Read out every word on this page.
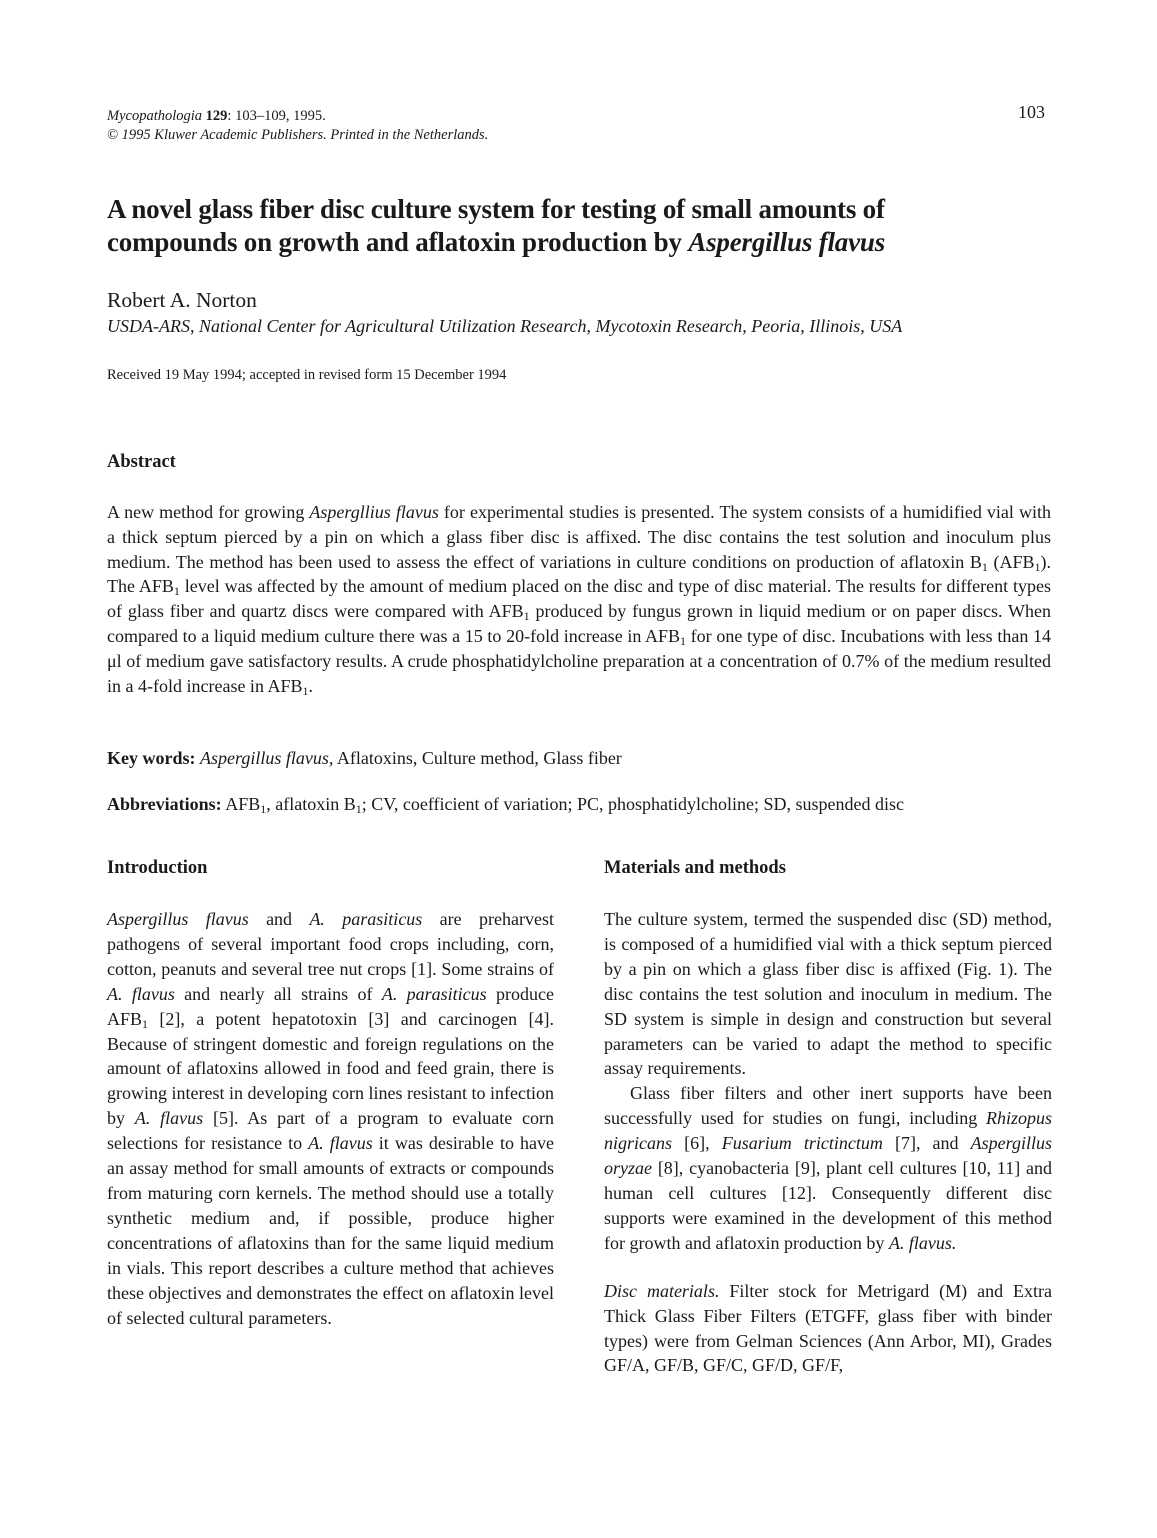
Mycopathologia 129: 103–109, 1995.
© 1995 Kluwer Academic Publishers. Printed in the Netherlands.
103
A novel glass fiber disc culture system for testing of small amounts of
compounds on growth and aflatoxin production by Aspergillus flavus
Robert A. Norton
USDA-ARS, National Center for Agricultural Utilization Research, Mycotoxin Research, Peoria, Illinois, USA
Received 19 May 1994; accepted in revised form 15 December 1994
Abstract
A new method for growing Aspergllius flavus for experimental studies is presented. The system consists of a humidified vial with a thick septum pierced by a pin on which a glass fiber disc is affixed. The disc contains the test solution and inoculum plus medium. The method has been used to assess the effect of variations in culture conditions on production of aflatoxin $B_1$ $(AFB_1)$. The $AFB_1$ level was affected by the amount of medium placed on the disc and type of disc material. The results for different types of glass fiber and quartz discs were compared with $AFB_1$ produced by fungus grown in liquid medium or on paper discs. When compared to a liquid medium culture there was a 15 to 20-fold increase in $AFB_1$ for one type of disc. Incubations with less than 14 μl of medium gave satisfactory results. A crude phosphatidylcholine preparation at a concentration of 0.7% of the medium resulted in a 4-fold increase in $AFB_1$.
Key words: Aspergillus flavus, Aflatoxins, Culture method, Glass fiber
Abbreviations: $AFB_1$, aflatoxin $B_1$; CV, coefficient of variation; PC, phosphatidylcholine; SD, suspended disc
Introduction

Aspergillus flavus and A. parasiticus are preharvest pathogens of several important food crops including, corn, cotton, peanuts and several tree nut crops [1]. Some strains of A. flavus and nearly all strains of A. parasiticus produce $AFB_1$ [2], a potent hepatotoxin [3] and carcinogen [4]. Because of stringent domestic and foreign regulations on the amount of aflatoxins allowed in food and feed grain, there is growing interest in developing corn lines resistant to infection by A. flavus [5]. As part of a program to evaluate corn selections for resistance to A. flavus it was desirable to have an assay method for small amounts of extracts or compounds from maturing corn kernels. The method should use a totally synthetic medium and, if possible, produce higher concentrations of aflatoxins than for the same liquid medium in vials. This report describes a culture method that achieves these objectives and demonstrates the effect on aflatoxin level of selected cultural parameters.

Materials and methods

The culture system, termed the suspended disc (SD) method, is composed of a humidified vial with a thick septum pierced by a pin on which a glass fiber disc is affixed (Fig. 1). The disc contains the test solution and inoculum in medium. The SD system is simple in design and construction but several parameters can be varied to adapt the method to specific assay requirements.

Glass fiber filters and other inert supports have been successfully used for studies on fungi, including Rhizopus nigricans [6], Fusarium trictinctum [7], and Aspergillus oryzae [8], cyanobacteria [9], plant cell cultures [10, 11] and human cell cultures [12]. Consequently different disc supports were examined in the development of this method for growth and aflatoxin production by A. flavus.

Disc materials. Filter stock for Metrigard (M) and Extra Thick Glass Fiber Filters (ETGFF, glass fiber with binder types) were from Gelman Sciences (Ann Arbor, MI), Grades GF/A, GF/B, GF/C, GF/D, GF/F,
